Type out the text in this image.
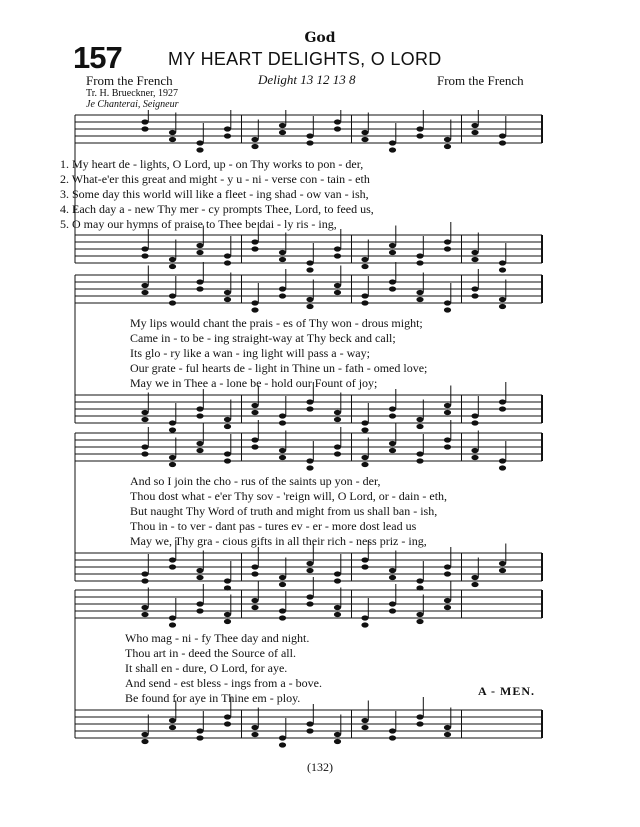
God
157	MY HEART DELIGHTS, O LORD
From the French
Tr. H. Brueckner, 1927
Je Chanterai, Seigneur
Delight 13 12 13 8	From the French
1. My heart de - lights, O Lord, up - on Thy works to pon - der,
2. What-e'er this great and might - y u - ni - verse con - tain - eth
3. Some day this world will like a fleet - ing shad - ow van - ish,
4. Each day a - new Thy mer - cy prompts Thee, Lord, to feed us,
5. O may our hymns of praise to Thee be dai - ly ris - ing,
My lips would chant the prais - es of Thy won - drous might;
Came in - to be - ing straight-way at Thy beck and call;
Its glo - ry like a wan - ing light will pass a - way;
Our grate - ful hearts de - light in Thine un - fath - omed love;
May we in Thee a - lone be - hold our Fount of joy;
And so I join the cho - rus of the saints up yon - der,
Thou dost what - e'er Thy sov - 'reign will, O Lord, or - dain - eth,
But naught Thy Word of truth and might from us shall ban - ish,
Thou in - to ver - dant pas - tures ev - er - more dost lead us
May we, Thy gra - cious gifts in all their rich - ness priz - ing,
Who mag - ni - fy Thee day and night.
Thou art in - deed the Source of all.
It shall en - dure, O Lord, for aye.
And send - est bless - ings from a - bove.
Be found for aye in Thine em - ploy.	A - MEN.
(132)
